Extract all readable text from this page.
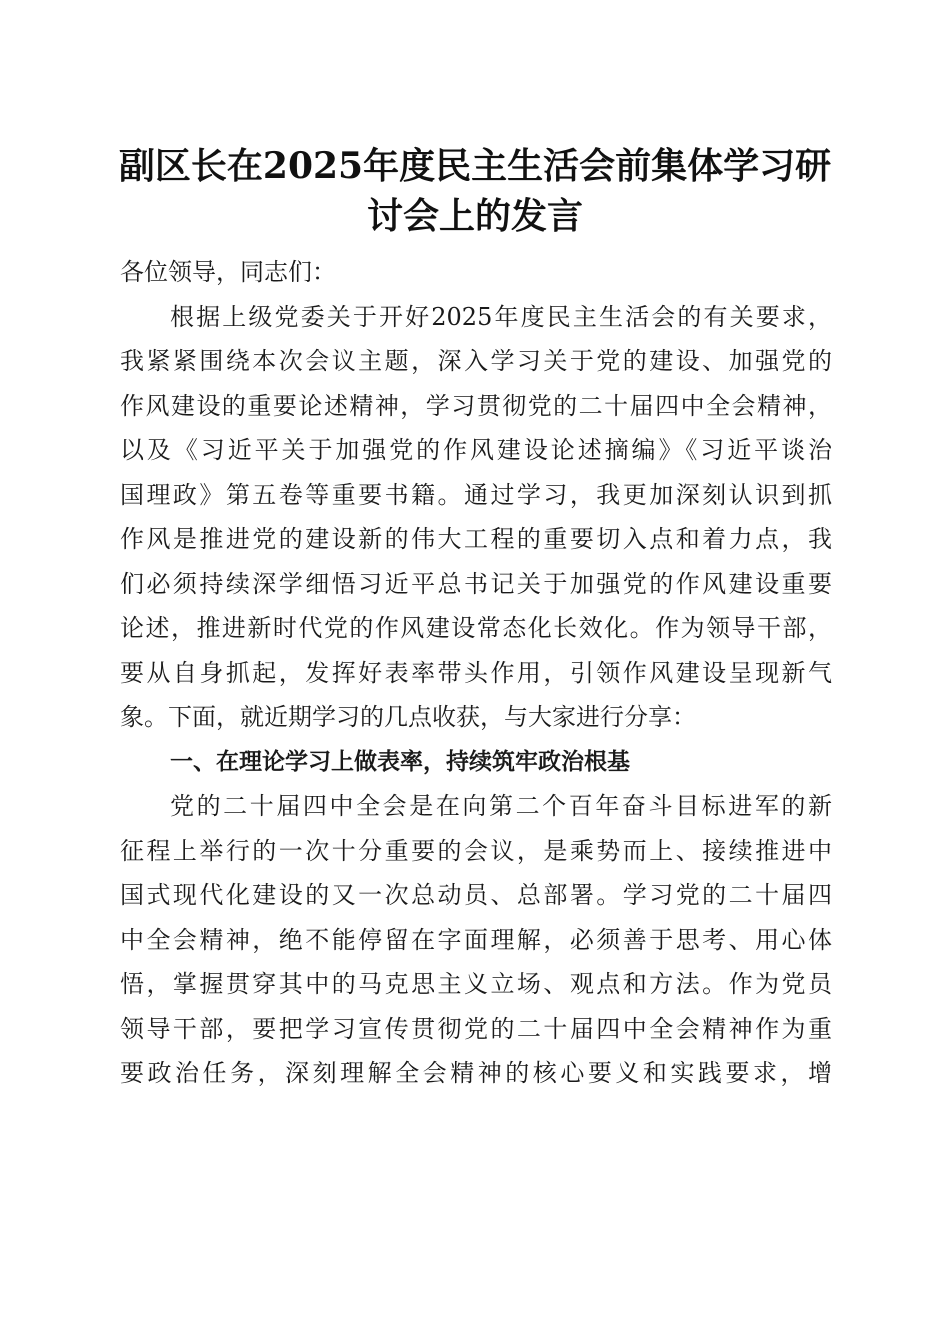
副区长在2025年度民主生活会前集体学习研
讨会上的发言
各位领导，同志们：
根据上级党委关于开好2025年度民主生活会的有关要求，
我紧紧围绕本次会议主题，深入学习关于党的建设、加强党的
作风建设的重要论述精神，学习贯彻党的二十届四中全会精神，
以及《习近平关于加强党的作风建设论述摘编》《习近平谈治
国理政》第五卷等重要书籍。通过学习，我更加深刻认识到抓
作风是推进党的建设新的伟大工程的重要切入点和着力点，我
们必须持续深学细悟习近平总书记关于加强党的作风建设重要
论述，推进新时代党的作风建设常态化长效化。作为领导干部，
要从自身抓起，发挥好表率带头作用，引领作风建设呈现新气
象。下面，就近期学习的几点收获，与大家进行分享：
一、在理论学习上做表率，持续筑牢政治根基
党的二十届四中全会是在向第二个百年奋斗目标进军的新
征程上举行的一次十分重要的会议，是乘势而上、接续推进中
国式现代化建设的又一次总动员、总部署。学习党的二十届四
中全会精神，绝不能停留在字面理解，必须善于思考、用心体
悟，掌握贯穿其中的马克思主义立场、观点和方法。作为党员
领导干部，要把学习宣传贯彻党的二十届四中全会精神作为重
要政治任务，深刻理解全会精神的核心要义和实践要求，增
